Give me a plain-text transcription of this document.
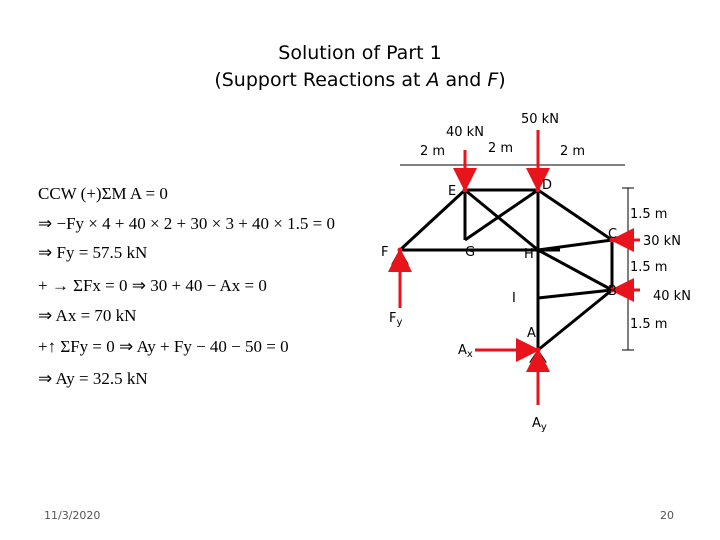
Solution of Part 1
(Support Reactions at A and F)
CCW (+)ΣM A = 0
⇒ −Fy × 4 + 40 × 2 + 30 × 3 + 40 × 1.5 = 0
⇒ Fy = 57.5 kN
+ → ΣFx = 0 ⇒ 30 + 40 − Ax = 0
⇒ Ax = 70 kN
+↑ ΣFy = 0 ⇒ Ay + Fy − 40 − 50 = 0
⇒ Ay = 32.5 kN
40 kN
50 kN
2 m	2 m	2 m
E	D
C
B
F	G	H
I
A
30 kN
40 kN
1.5 m
1.5 m
1.5 m
$F_y$
$A_x$
$A_y$
11/3/2020	20
